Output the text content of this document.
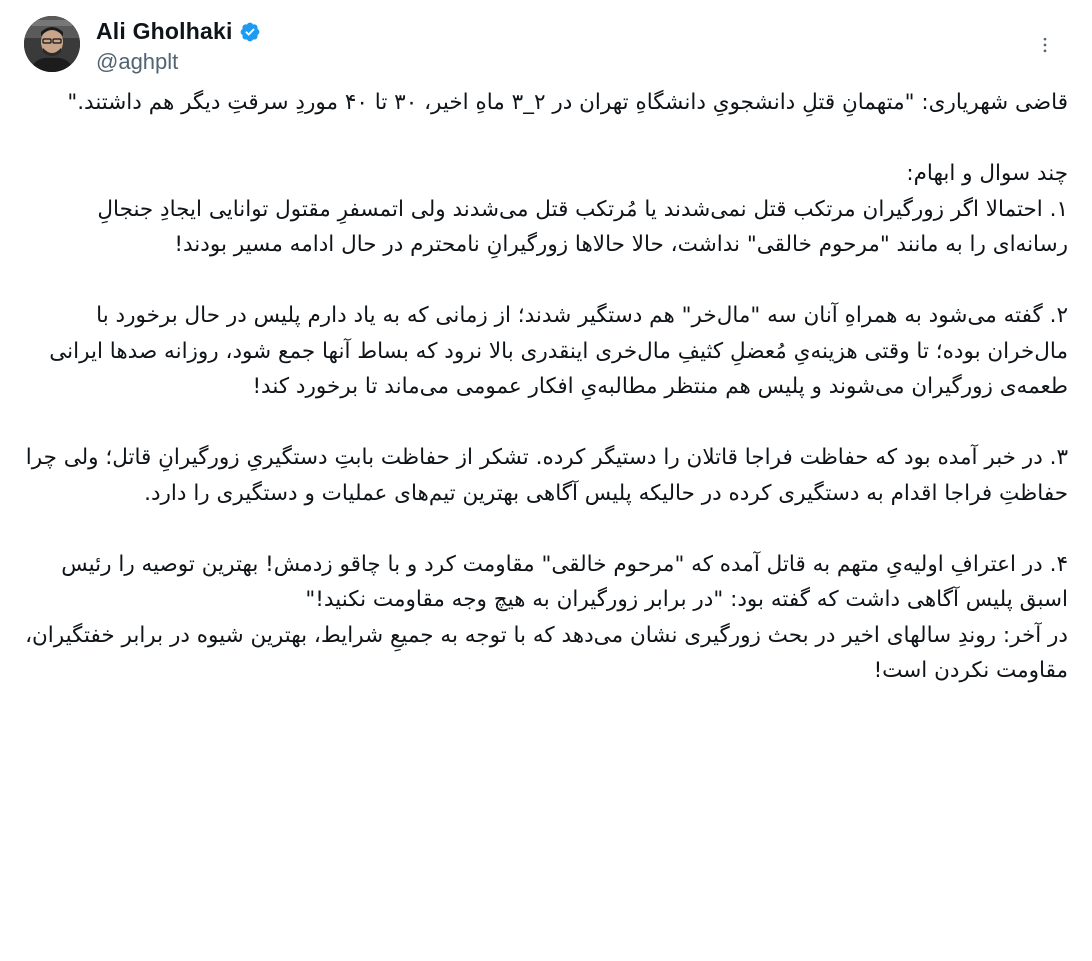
Ali Gholhaki
@aghplt

قاضی شهریاری: "متهمانِ قتلِ دانشجویِ دانشگاهِ تهران در ۲_۳ ماهِ اخیر، ۳۰ تا ۴۰ موردِ سرقتِ دیگر هم داشتند."

چند سوال و ابهام:

۱. احتمالا اگر زورگیران مرتکب قتل نمی‌شدند یا مُرتکب قتل می‌شدند ولی اتمسفرِ مقتول توانایی ایجادِ جنجالِ رسانه‌ای را به مانند "مرحوم خالقی" نداشت، حالا حالاها زورگیرانِ نامحترم در حال ادامه مسیر بودند!

۲. گفته می‌شود به همراهِ آنان سه "مال‌خر" هم دستگیر شدند؛ از زمانی که به یاد دارم پلیس در حال برخورد با مال‌خران بوده؛ تا وقتی هزینه‌یِ مُعضلِ کثیفِ مال‌خری اینقدری بالا نرود که بساط آنها جمع شود، روزانه صدها ایرانی طعمه‌ی زورگیران می‌شوند و پلیس هم منتظر مطالبه‌یِ افکار عمومی می‌ماند تا برخورد کند!

۳. در خبر آمده بود که حفاظت فراجا قاتلان را دستیگر کرده. تشکر از حفاظت بابتِ دستگیریِ زورگیرانِ قاتل؛ ولی چرا حفاظتِ فراجا اقدام به دستگیری کرده در حالیکه پلیس آگاهی بهترین تیم‌های عملیات و دستگیری را دارد.

۴. در اعترافِ اولیه‌یِ متهم به قاتل آمده که "مرحوم خالقی" مقاومت کرد و با چاقو زدمش! بهترین توصیه را رئیس اسبق پلیس آگاهی داشت که گفته بود: "در برابر زورگیران به هیچ وجه مقاومت نکنید!"

در آخر: روندِ سالهای اخیر در بحث زورگیری نشان می‌دهد که با توجه به جمیعِ شرایط، بهترین شیوه در برابر خفتگیران، مقاومت نکردن است!
